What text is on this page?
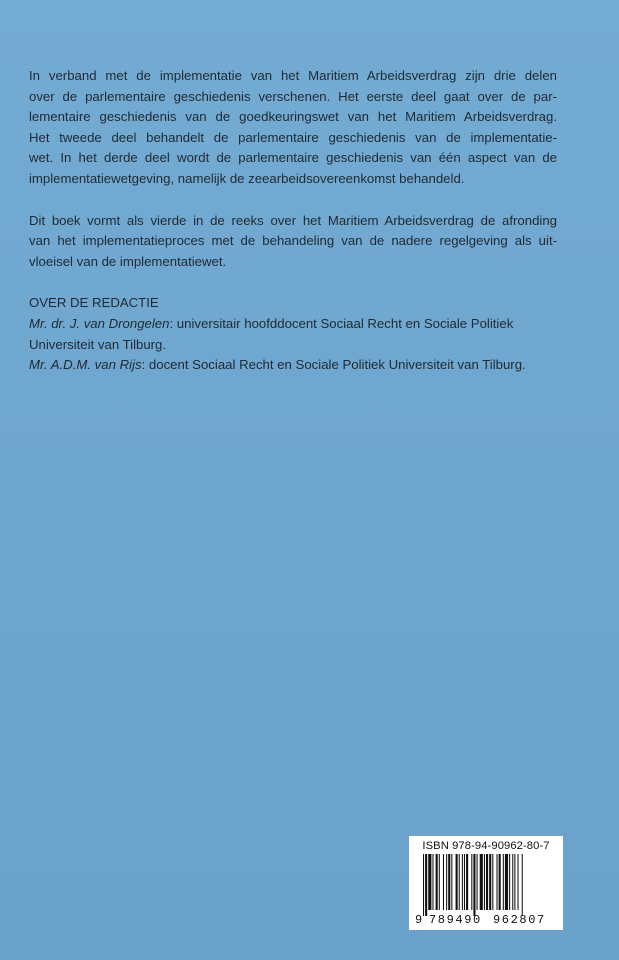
In verband met de implementatie van het Maritiem Arbeidsverdrag zijn drie delen
over de parlementaire geschiedenis verschenen. Het eerste deel gaat over de par-
lementaire geschiedenis van de goedkeuringswet van het Maritiem Arbeidsverdrag.
Het tweede deel behandelt de parlementaire geschiedenis van de implementatie-
wet. In het derde deel wordt de parlementaire geschiedenis van één aspect van de
implementatiewetgeving, namelijk de zeearbeidsovereenkomst behandeld.

Dit boek vormt als vierde in de reeks over het Maritiem Arbeidsverdrag de afronding
van het implementatieproces met de behandeling van de nadere regelgeving als uit-
vloeisel van de implementatiewet.

OVER DE REDACTIE
Mr. dr. J. van Drongelen: universitair hoofddocent Sociaal Recht en Sociale Politiek
Universiteit van Tilburg.
Mr. A.D.M. van Rijs: docent Sociaal Recht en Sociale Politiek Universiteit van Tilburg.
ISBN 978-94-90962-80-7
9 789490 962807
